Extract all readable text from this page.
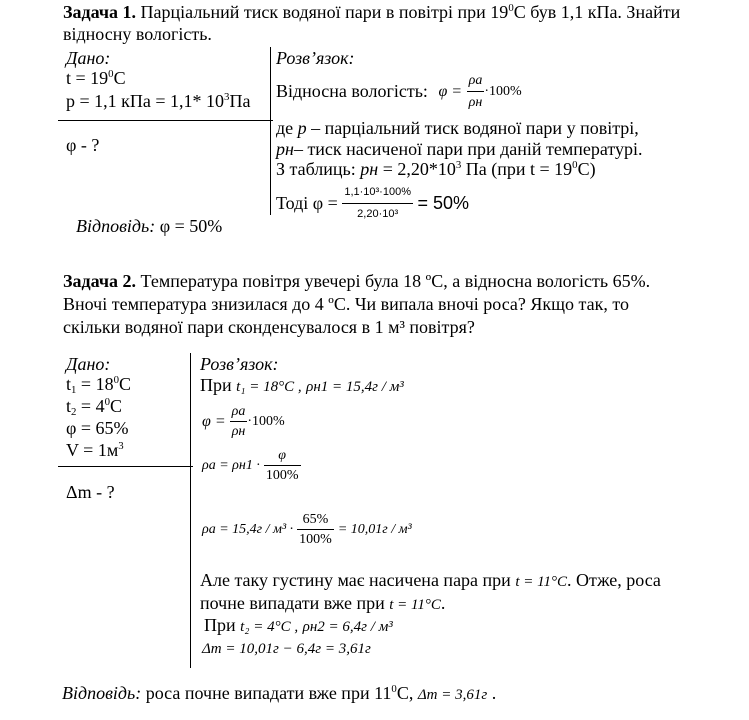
Задача 1. Парціальний тиск водяної пари в повітрі при $19^0С$ був 1,1 кПа. Знайти
відносну вологість.
Дано:
$t = 19^0C$
p = 1,1 кПа = 1,1* $10^3Па$
φ - ?
Розв’язок:
Відносна вологість: $\varphi = \frac{\rho а}{\rho н} \cdot 100\%$
де p – парціальний тиск водяної пари у повітрі,
pн– тиск насиченої пари при даній температурі.
З таблиць: pн = $2,20*10^3$ Па (при $t = 19^0C$)
Тоді $\varphi = \frac{\text{1,1·10³·100\%}}{\text{2,20·10³}} = 50\%$
Відповідь: φ = 50%
Задача 2. Температура повітря увечері була 18 ºС, а відносна вологість 65%.
Вночі температура знизилася до 4 ºС. Чи випала вночі роса? Якщо так, то
скільки водяної пари сконденсувалося в 1 м³ повітря?
Дано:
$t1 = 18^0C$
$t2 = 4^0C$
φ = 65%
$V = 1м^3$
Δm - ?
Розв’язок:
При t₁ = 18°C , ρн1 = 15,4г / м³
$\varphi = \frac{\rho а}{\rho н} \cdot 100\%$
$\rho а = \rho н1 \cdot \frac{\varphi}{100\%}$
$\rho а = 15,4г / м^3 \cdot \frac{65\%}{100\%} = 10,01г / м^3$
Але таку густину має насичена пара при t = 11°C. Отже, роса
почне випадати вже при t = 11°C.
При t₂ = 4°C , ρн2 = 6,4г / м³
Δm = 10,01г − 6,4г = 3,61г
Відповідь: роса почне випадати вже при $11^0С$, Δm = 3,61г .
